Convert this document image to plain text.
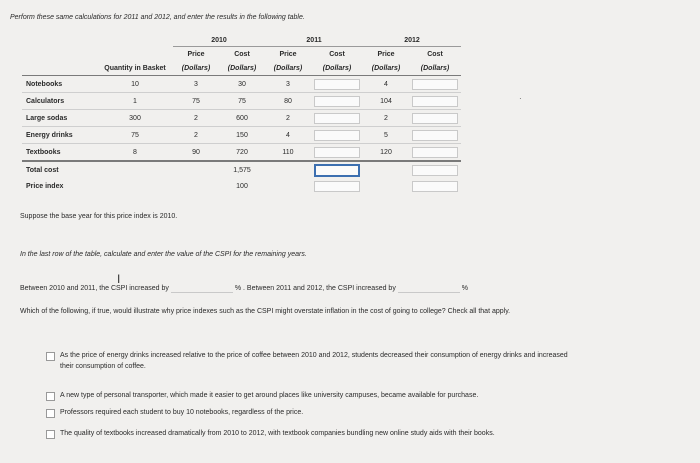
Perform these same calculations for 2011 and 2012, and enter the results in the following table.
		2010		2011		2012	
		Price	Cost	Price	Cost	Price	Cost
	Quantity in Basket	(Dollars)	(Dollars)	(Dollars)	(Dollars)	(Dollars)	(Dollars)
Notebooks	10	3	30	3		4	
Calculators	1	75	75	80		104	
Large sodas	300	2	600	2		2	
Energy drinks	75	2	150	4		5	
Textbooks	8	90	720	110		120	
Total cost			1,575				
Price index			100				
·
Suppose the base year for this price index is 2010.
In the last row of the table, calculate and enter the value of the CSPI for the remaining years.
I
Between 2010 and 2011, the CSPI increased by	% . Between 2011 and 2012, the CSPI increased by	%
Which of the following, if true, would illustrate why price indexes such as the CSPI might overstate inflation in the cost of going to college? Check all that apply.
As the price of energy drinks increased relative to the price of coffee between 2010 and 2012, students decreased their consumption of energy drinks and increased their consumption of coffee.
A new type of personal transporter, which made it easier to get around places like university campuses, became available for purchase.
Professors required each student to buy 10 notebooks, regardless of the price.
The quality of textbooks increased dramatically from 2010 to 2012, with textbook companies bundling new online study aids with their books.
